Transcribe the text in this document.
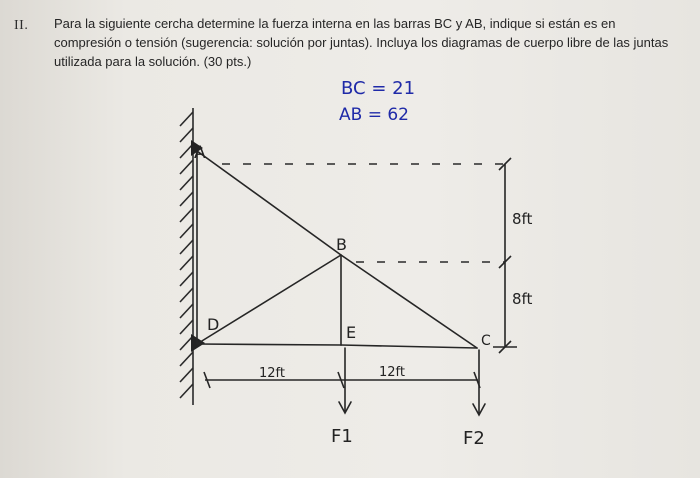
II. Para la siguiente cercha determine la fuerza interna en las barras BC y AB, indique si están es en compresión o tensión (sugerencia: solución por juntas). Incluya los diagramas de cuerpo libre de las juntas utilizada para la solución. (30 pts.)
BC = 21
AB = 62
A
B
C
D	E
8ft
8ft
12ft	12ft
F1	F2
